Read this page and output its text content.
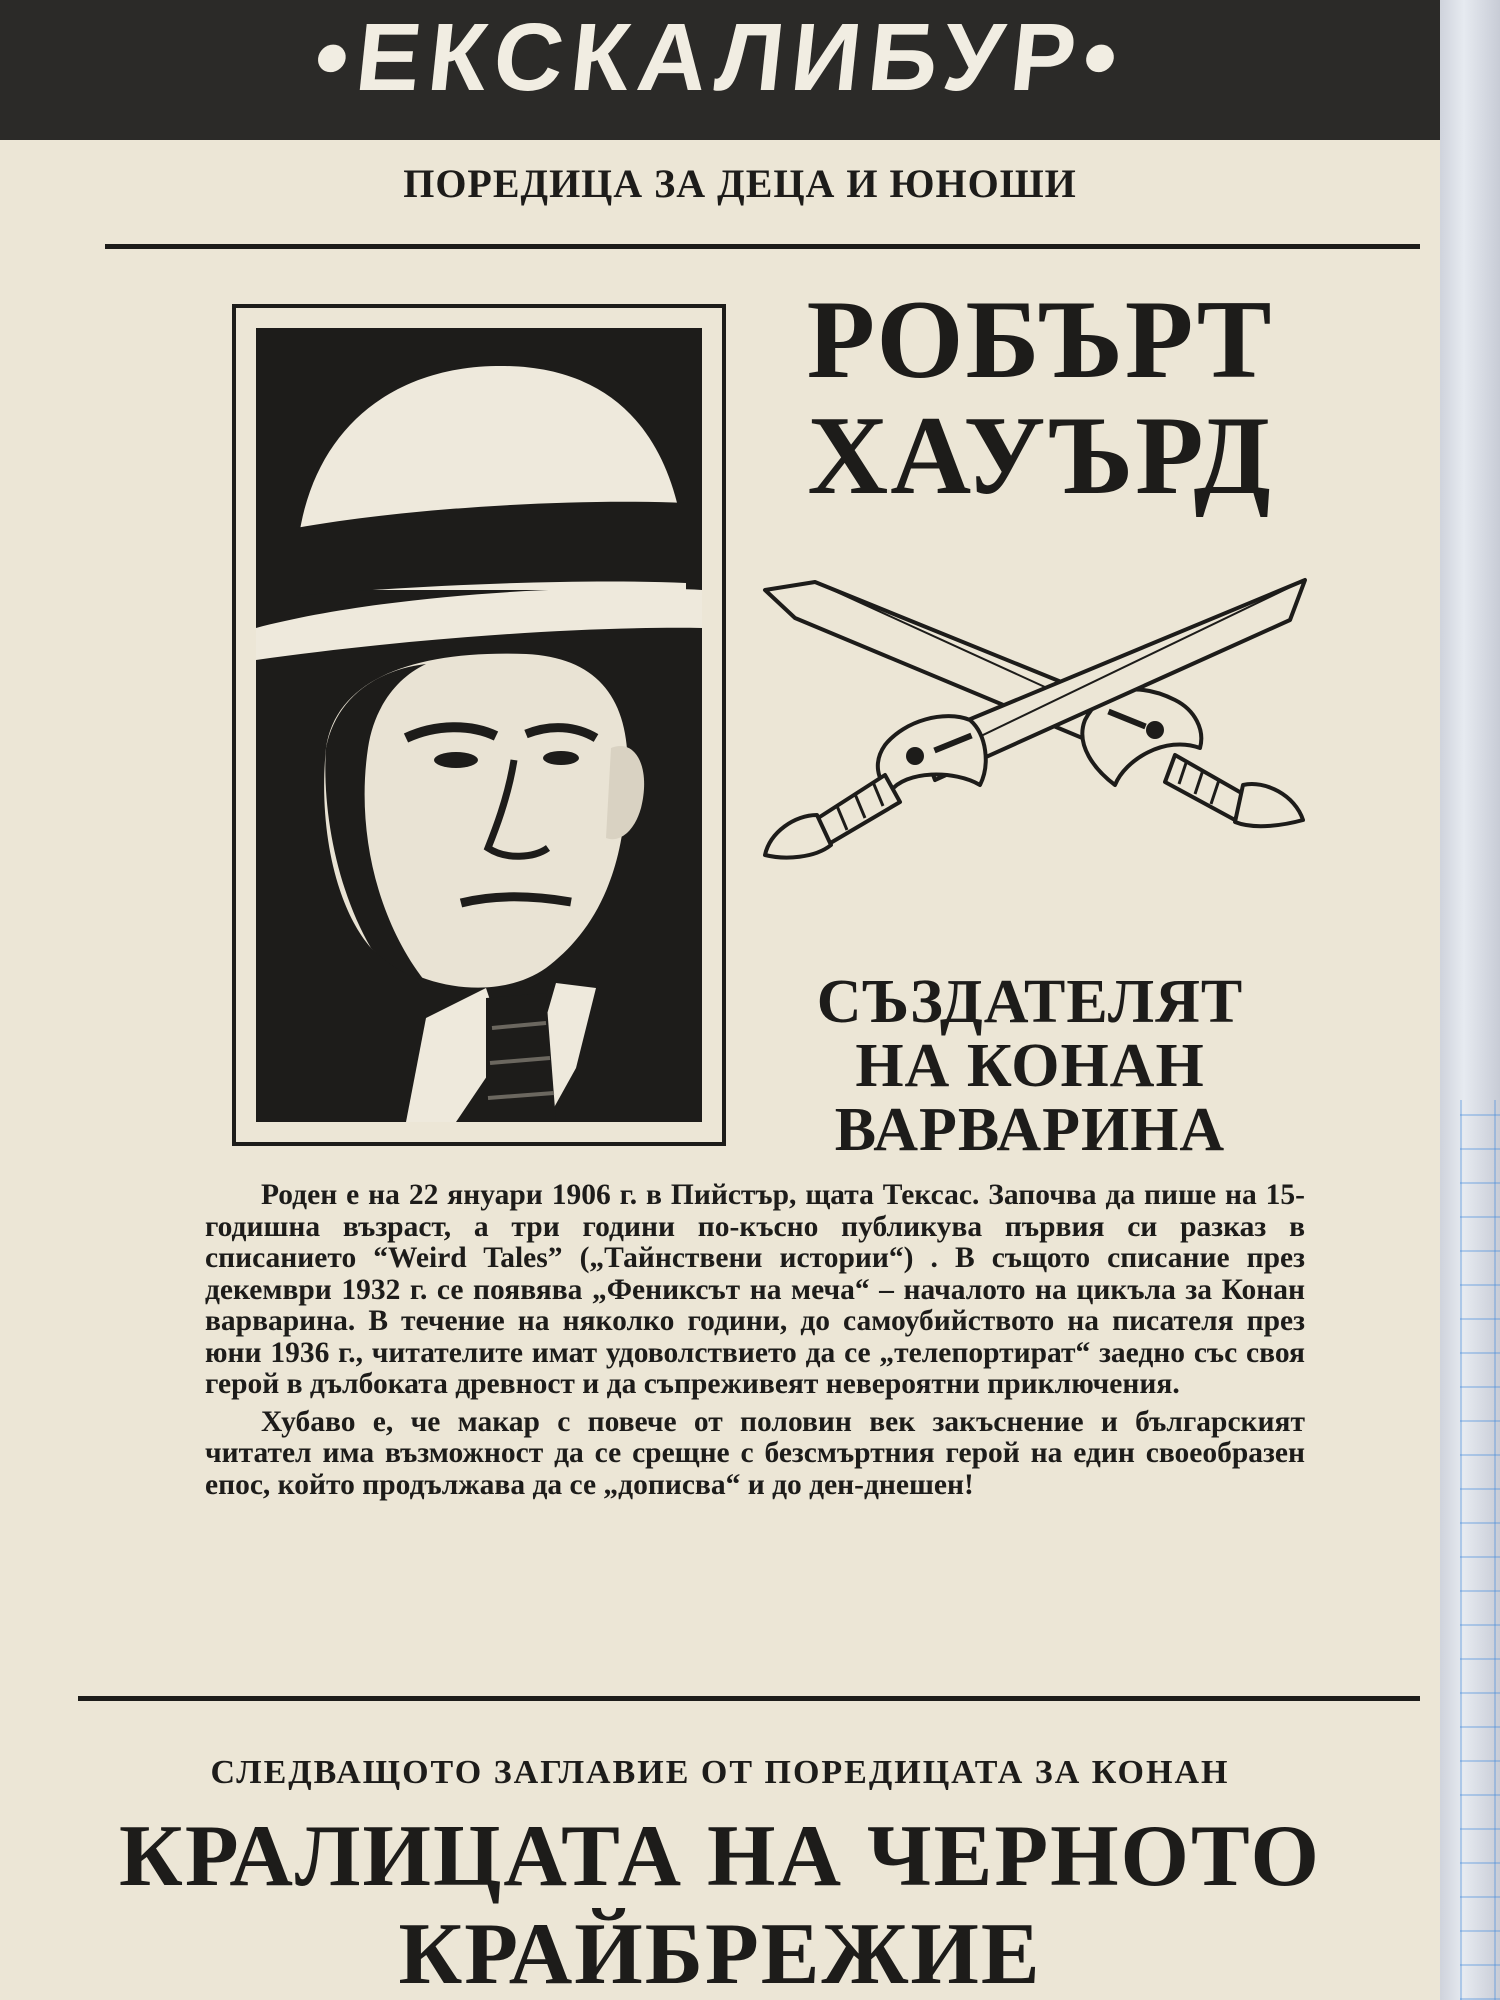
•ЕКСКАЛИБУР•
ПОРЕДИЦА ЗА ДЕЦА И ЮНОШИ
РОБЪРТ
ХАУЪРД
СЪЗДАТЕЛЯТ
НА КОНАН
ВАРВАРИНА

Роден е на 22 януари 1906 г. в Пийстър, щата Тексас. Започва да пише на 15-годишна възраст, а три години по-късно публикува първия си разказ в списанието “Weird Tales” („Тайнствени истории“) . В същото списание през декември 1932 г. се появява „Фениксът на меча“ – началото на цикъла за Конан варварина. В течение на няколко години, до самоубийството на писателя през юни 1936 г., читателите имат удоволствието да се „телепортират“ заедно със своя герой в дълбоката древност и да съпреживеят невероятни приключения.

Хубаво е, че макар с повече от половин век закъснение и българският читател има възможност да се срещне с безсмъртния герой на един своеобразен епос, който продължава да се „дописва“ и до ден-днешен!

СЛЕДВАЩОТО ЗАГЛАВИЕ ОТ ПОРЕДИЦАТА ЗА КОНАН
КРАЛИЦАТА НА ЧЕРНОТО
КРАЙБРЕЖИЕ
